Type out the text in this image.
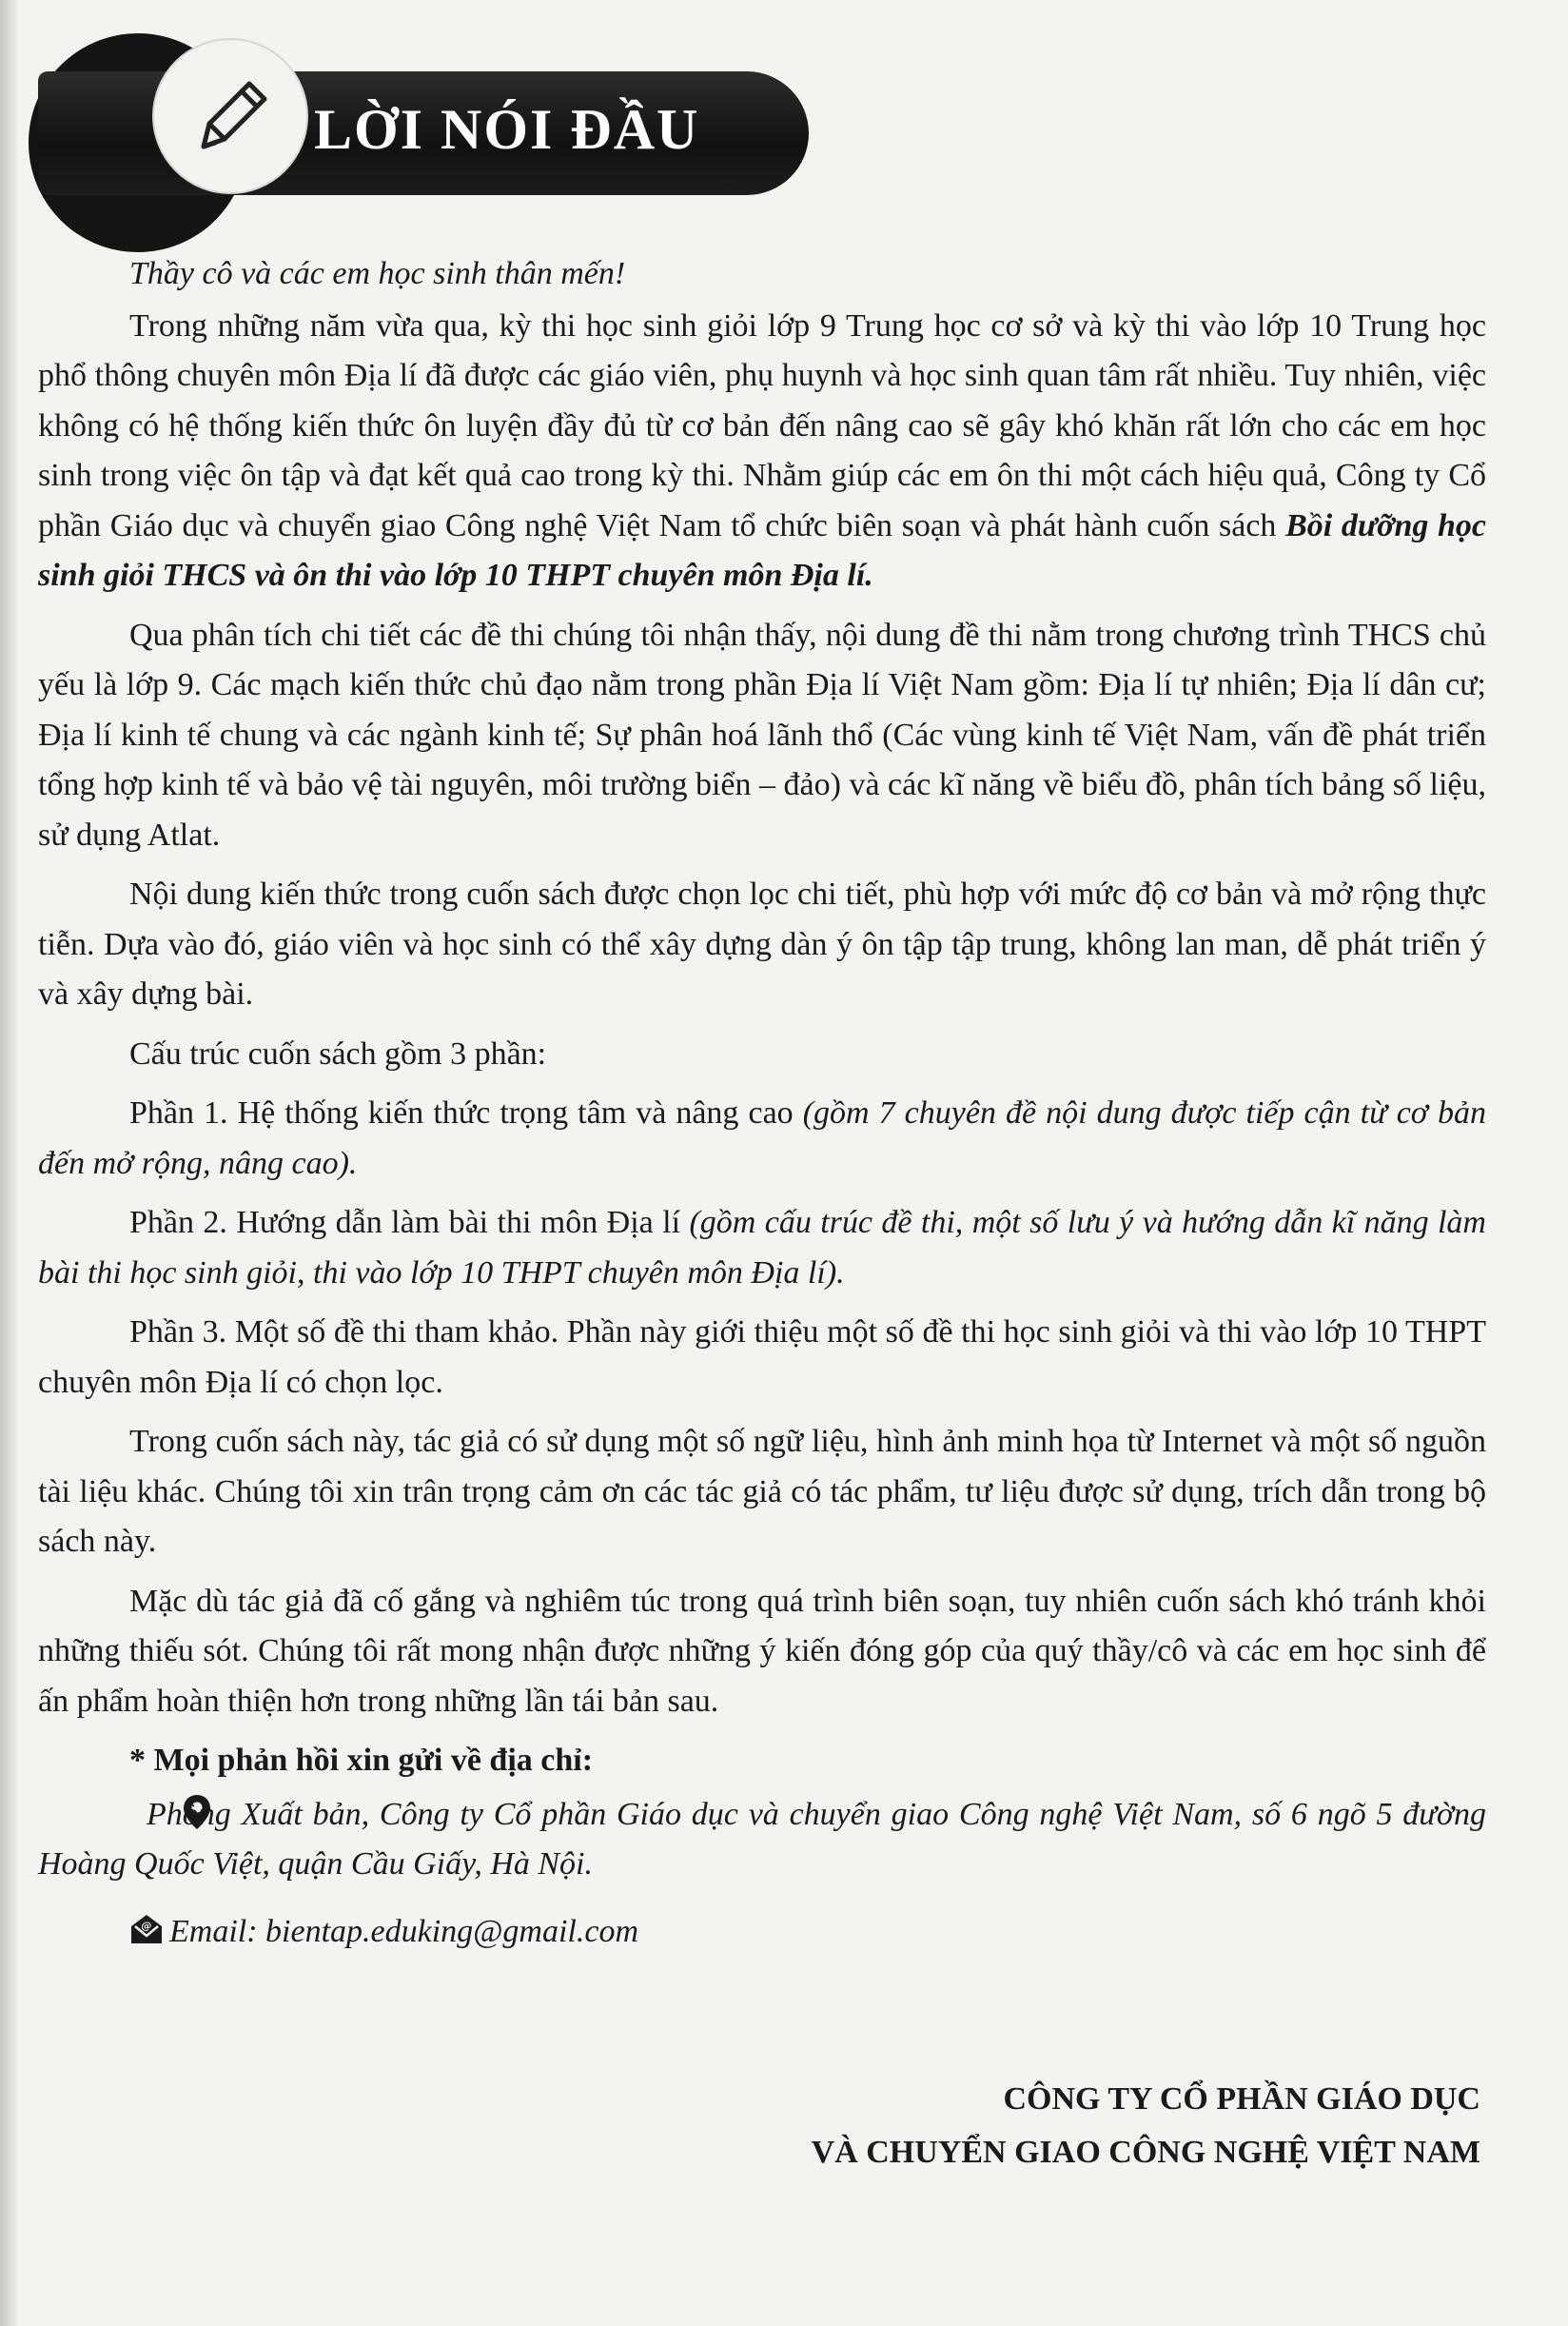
LỜI NÓI ĐẦU

Thầy cô và các em học sinh thân mến!

Trong những năm vừa qua, kỳ thi học sinh giỏi lớp 9 Trung học cơ sở và kỳ thi vào lớp 10 Trung học phổ thông chuyên môn Địa lí đã được các giáo viên, phụ huynh và học sinh quan tâm rất nhiều. Tuy nhiên, việc không có hệ thống kiến thức ôn luyện đầy đủ từ cơ bản đến nâng cao sẽ gây khó khăn rất lớn cho các em học sinh trong việc ôn tập và đạt kết quả cao trong kỳ thi. Nhằm giúp các em ôn thi một cách hiệu quả, Công ty Cổ phần Giáo dục và chuyển giao Công nghệ Việt Nam tổ chức biên soạn và phát hành cuốn sách Bồi dưỡng học sinh giỏi THCS và ôn thi vào lớp 10 THPT chuyên môn Địa lí.

Qua phân tích chi tiết các đề thi chúng tôi nhận thấy, nội dung đề thi nằm trong chương trình THCS chủ yếu là lớp 9. Các mạch kiến thức chủ đạo nằm trong phần Địa lí Việt Nam gồm: Địa lí tự nhiên; Địa lí dân cư; Địa lí kinh tế chung và các ngành kinh tế; Sự phân hoá lãnh thổ (Các vùng kinh tế Việt Nam, vấn đề phát triển tổng hợp kinh tế và bảo vệ tài nguyên, môi trường biển – đảo) và các kĩ năng về biểu đồ, phân tích bảng số liệu, sử dụng Atlat.

Nội dung kiến thức trong cuốn sách được chọn lọc chi tiết, phù hợp với mức độ cơ bản và mở rộng thực tiễn. Dựa vào đó, giáo viên và học sinh có thể xây dựng dàn ý ôn tập tập trung, không lan man, dễ phát triển ý và xây dựng bài.

Cấu trúc cuốn sách gồm 3 phần:

Phần 1. Hệ thống kiến thức trọng tâm và nâng cao (gồm 7 chuyên đề nội dung được tiếp cận từ cơ bản đến mở rộng, nâng cao).

Phần 2. Hướng dẫn làm bài thi môn Địa lí (gồm cấu trúc đề thi, một số lưu ý và hướng dẫn kĩ năng làm bài thi học sinh giỏi, thi vào lớp 10 THPT chuyên môn Địa lí).

Phần 3. Một số đề thi tham khảo. Phần này giới thiệu một số đề thi học sinh giỏi và thi vào lớp 10 THPT chuyên môn Địa lí có chọn lọc.

Trong cuốn sách này, tác giả có sử dụng một số ngữ liệu, hình ảnh minh họa từ Internet và một số nguồn tài liệu khác. Chúng tôi xin trân trọng cảm ơn các tác giả có tác phẩm, tư liệu được sử dụng, trích dẫn trong bộ sách này.

Mặc dù tác giả đã cố gắng và nghiêm túc trong quá trình biên soạn, tuy nhiên cuốn sách khó tránh khỏi những thiếu sót. Chúng tôi rất mong nhận được những ý kiến đóng góp của quý thầy/cô và các em học sinh để ấn phẩm hoàn thiện hơn trong những lần tái bản sau.

* Mọi phản hồi xin gửi về địa chỉ:
Phòng Xuất bản, Công ty Cổ phần Giáo dục và chuyển giao Công nghệ Việt Nam, số 6 ngõ 5 đường Hoàng Quốc Việt, quận Cầu Giấy, Hà Nội.
@ Email: bientap.eduking@gmail.com
CÔNG TY CỔ PHẦN GIÁO DỤC
VÀ CHUYỂN GIAO CÔNG NGHỆ VIỆT NAM
